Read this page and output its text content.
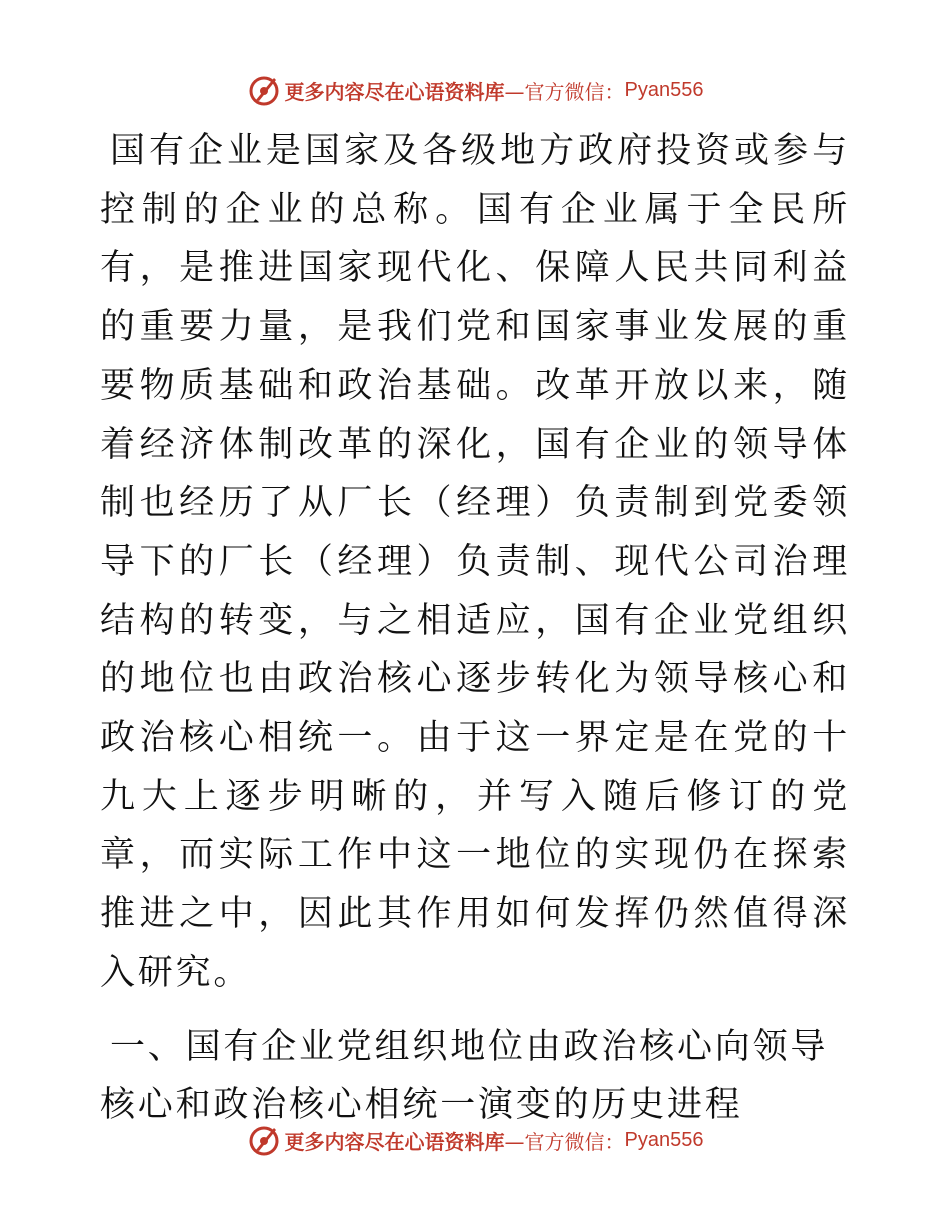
更多内容尽在心语资料库 —官方微信： Pyan556

国有企业是国家及各级地方政府投资或参与控制的企业的总称。国有企业属于全民所有，是推进国家现代化、保障人民共同利益的重要力量，是我们党和国家事业发展的重要物质基础和政治基础。改革开放以来，随着经济体制改革的深化，国有企业的领导体制也经历了从厂长（经理）负责制到党委领导下的厂长（经理）负责制、现代公司治理结构的转变，与之相适应，国有企业党组织的地位也由政治核心逐步转化为领导核心和政治核心相统一。由于这一界定是在党的十九大上逐步明晰的，并写入随后修订的党章，而实际工作中这一地位的实现仍在探索推进之中，因此其作用如何发挥仍然值得深入研究。

一、国有企业党组织地位由政治核心向领导核心和政治核心相统一演变的历史进程

更多内容尽在心语资料库 —官方微信： Pyan556
